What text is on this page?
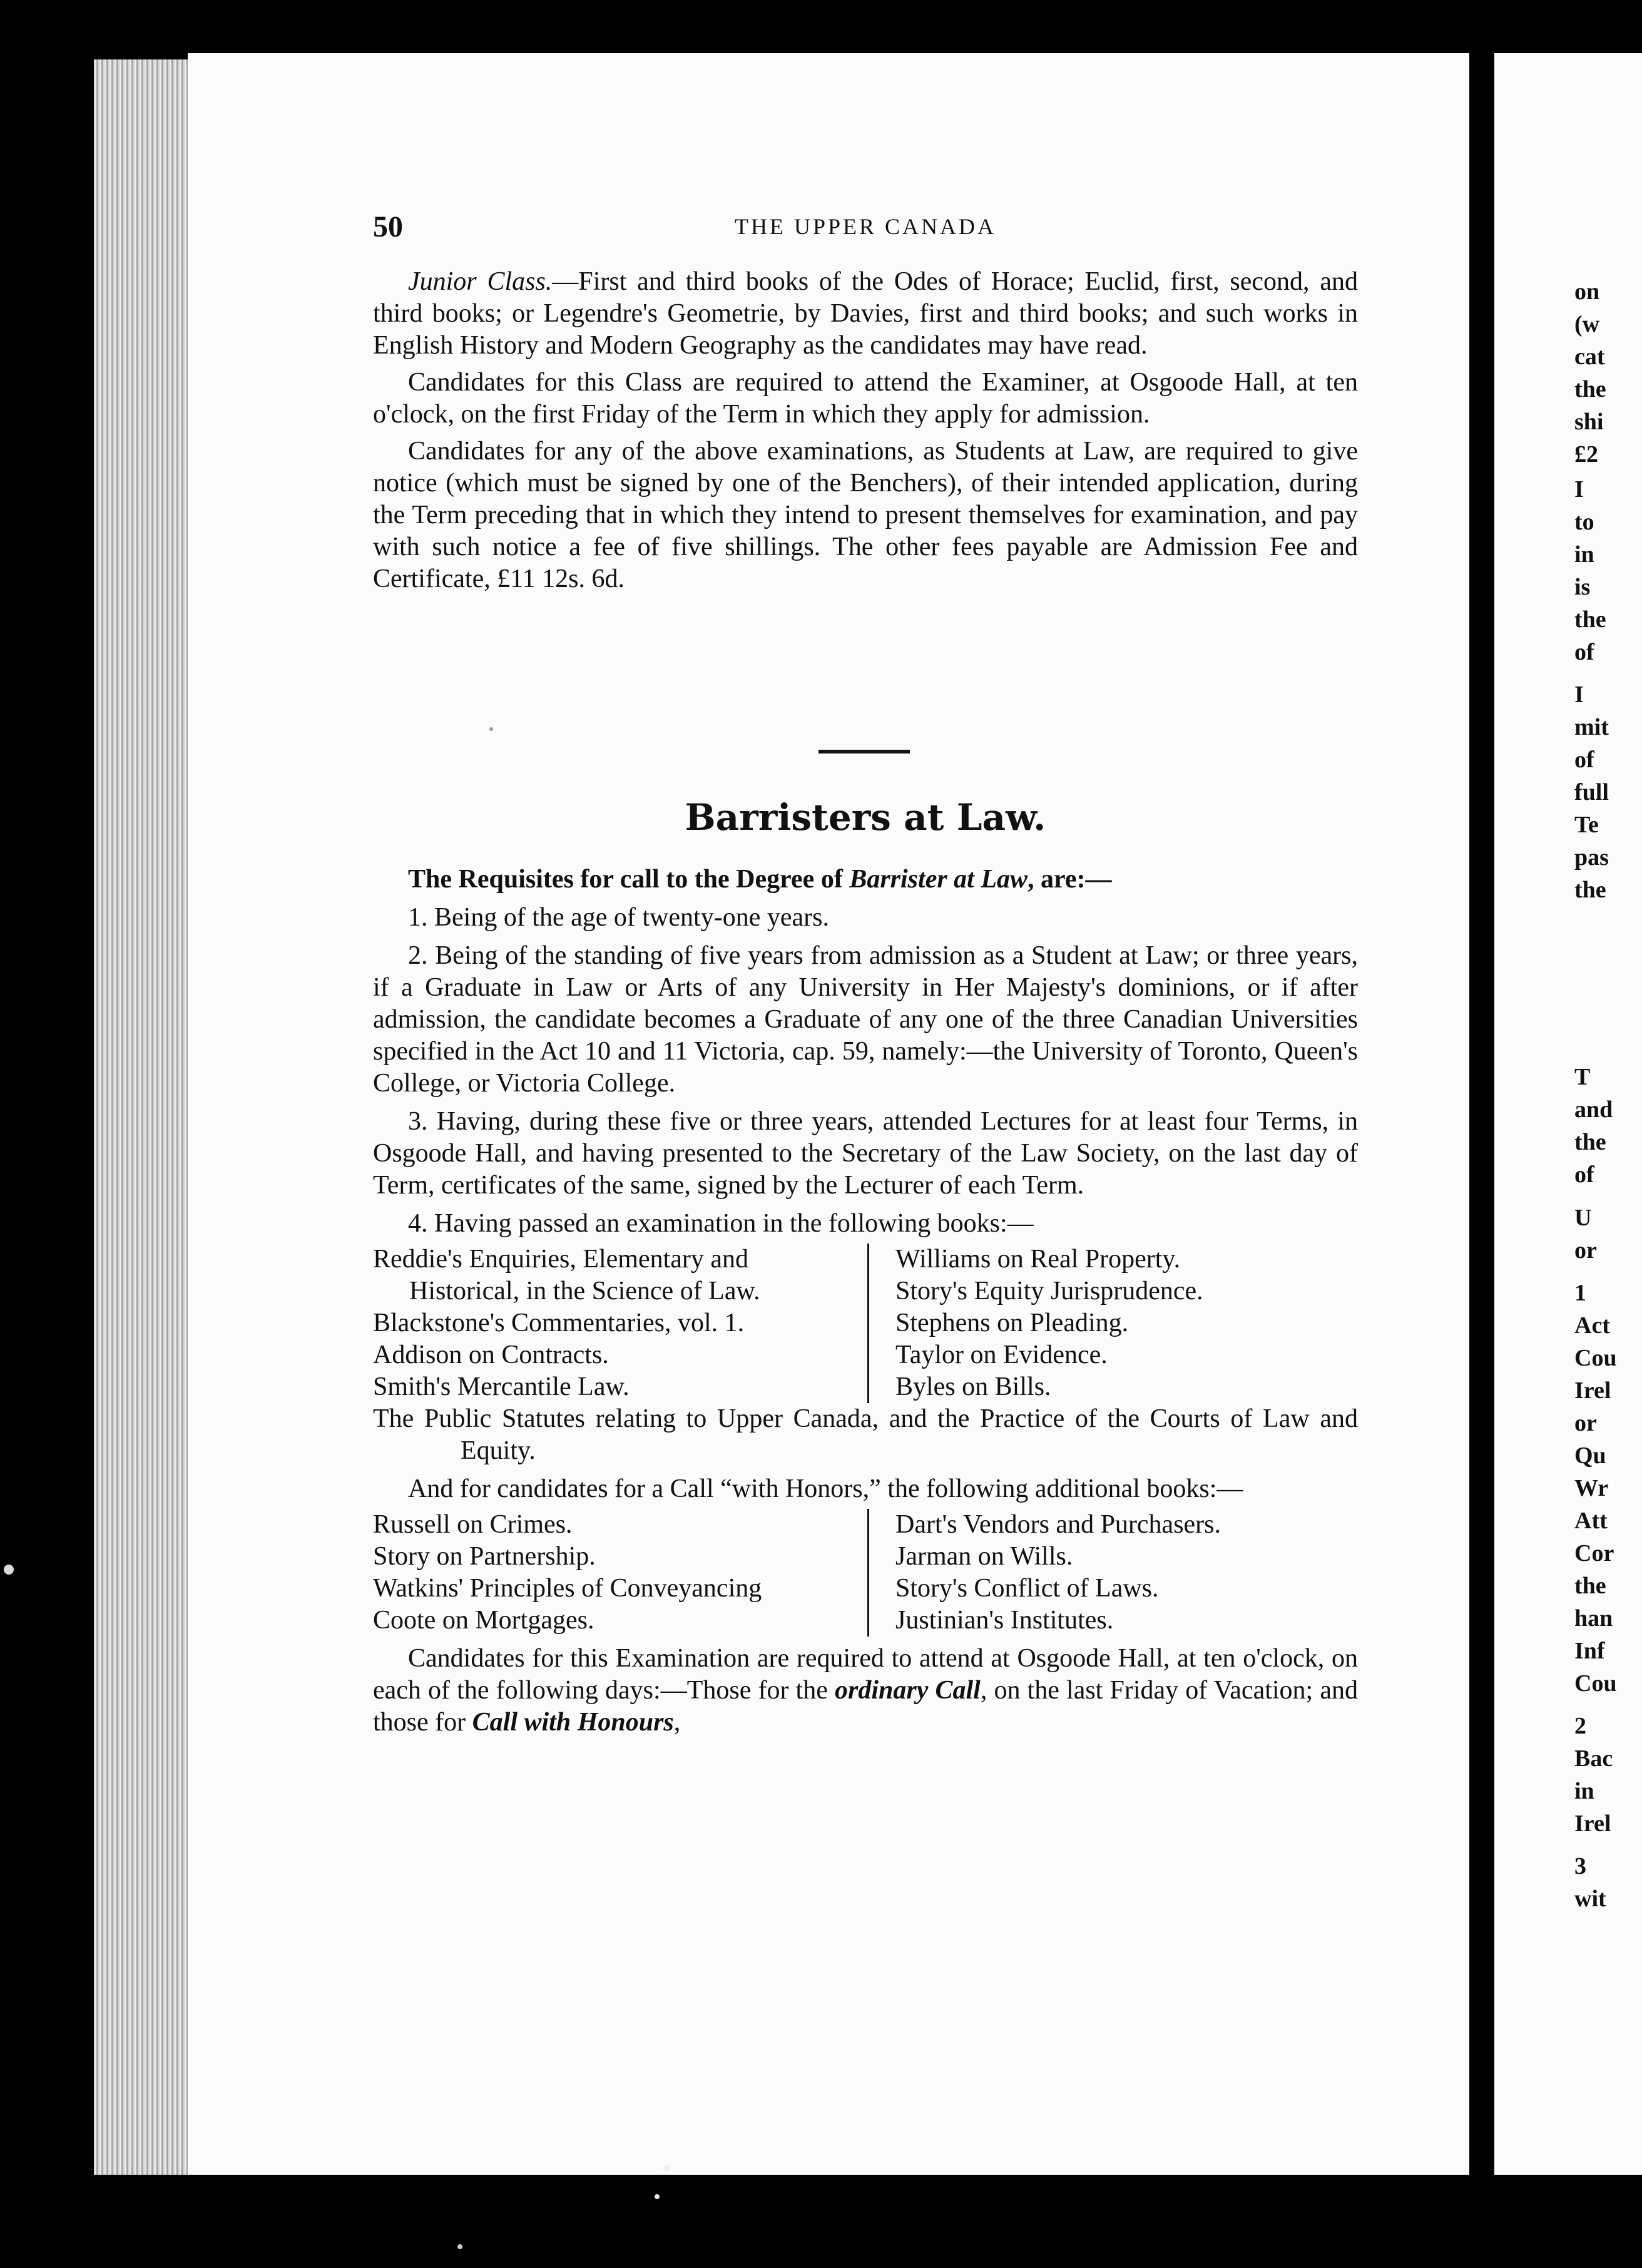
50	THE UPPER CANADA

Junior Class.—First and third books of the Odes of Horace; Euclid, first, second, and third books; or Legendre's Geometrie, by Davies, first and third books; and such works in English History and Modern Geography as the candidates may have read.

Candidates for this Class are required to attend the Examiner, at Osgoode Hall, at ten o'clock, on the first Friday of the Term in which they apply for admission.

Candidates for any of the above examinations, as Students at Law, are required to give notice (which must be signed by one of the Benchers), of their intended application, during the Term preceding that in which they intend to present themselves for examination, and pay with such notice a fee of five shillings. The other fees payable are Admission Fee and Certificate, £11 12s. 6d.

Barristers at Law.

The Requisites for call to the Degree of Barrister at Law, are:—

1. Being of the age of twenty-one years.

2. Being of the standing of five years from admission as a Student at Law; or three years, if a Graduate in Law or Arts of any University in Her Majesty's dominions, or if after admission, the candidate becomes a Graduate of any one of the three Canadian Universities specified in the Act 10 and 11 Victoria, cap. 59, namely:—the University of Toronto, Queen's College, or Victoria College.

3. Having, during these five or three years, attended Lectures for at least four Terms, in Osgoode Hall, and having presented to the Secretary of the Law Society, on the last day of Term, certificates of the same, signed by the Lecturer of each Term.

4. Having passed an examination in the following books:—

Reddie's Enquiries, Elementary and Historical, in the Science of Law.

Blackstone's Commentaries, vol. 1.

Addison on Contracts.

Smith's Mercantile Law.

Williams on Real Property.

Story's Equity Jurisprudence.

Stephens on Pleading.

Taylor on Evidence.

Byles on Bills.

The Public Statutes relating to Upper Canada, and the Practice of the Courts of Law and Equity.

And for candidates for a Call “with Honors,” the following additional books:—

Russell on Crimes.

Story on Partnership.

Watkins' Principles of Conveyancing

Coote on Mortgages.

Dart's Vendors and Purchasers.

Jarman on Wills.

Story's Conflict of Laws.

Justinian's Institutes.

Candidates for this Examination are required to attend at Osgoode Hall, at ten o'clock, on each of the following days:—Those for the ordinary Call, on the last Friday of Vacation; and those for Call with Honours,

on
(w
cat
the
shi
£2
I
to
in
is
the
of
I
mit
of
full
Te
pas
the
T
and
the
of
U
or
1
Act
Cou
Irel
or
Qu
Wr
Att
Cor
the
han
Inf
Cou
2
Bac
in
Irel
3
wit
